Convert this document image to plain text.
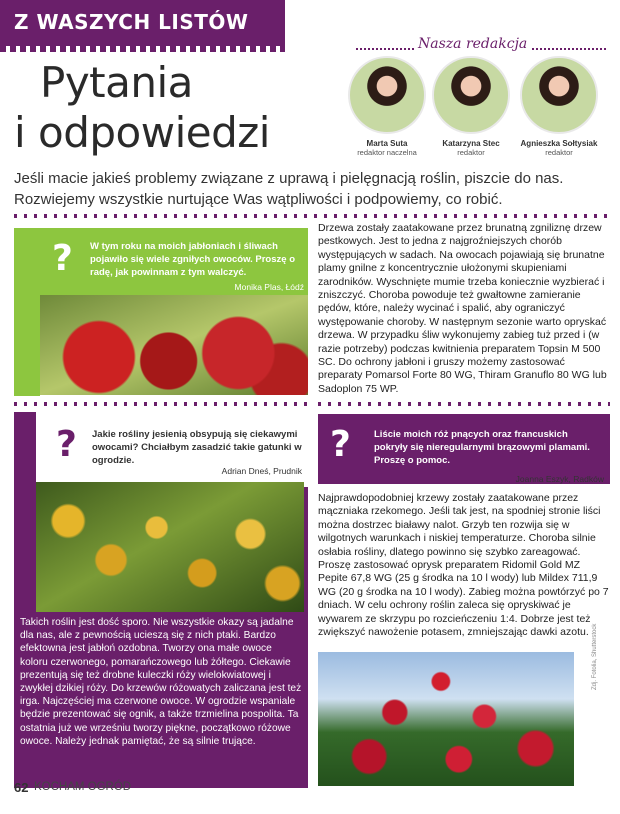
Z WASZYCH LISTÓW
Pytania
i odpowiedzi
Nasza redakcja
Marta Suta
redaktor naczelna
Katarzyna Stec
redaktor
Agnieszka Sołtysiak
redaktor
Jeśli macie jakieś problemy związane z uprawą i pielęgnacją roślin, piszcie do nas. Rozwiejemy wszystkie nurtujące Was wątpliwości i podpowiemy, co robić.
? W tym roku na moich jabłoniach i śliwach pojawiło się wiele zgniłych owoców. Proszę o radę, jak powinnam z tym walczyć.
Monika Plas, Łódź
Drzewa zostały zaatakowane przez brunatną zgniliznę drzew pestkowych. Jest to jedna z najgroźniejszych chorób występujących w sadach. Na owocach pojawiają się brunatne plamy gnilne z koncentrycznie ułożonymi skupieniami zarodników. Wyschnięte mumie trzeba koniecznie wyzbierać i zniszczyć. Choroba powoduje też gwałtowne zamieranie pędów, które, należy wycinać i spalić, aby ograniczyć występowanie choroby. W następnym sezonie warto opryskać drzewa. W przypadku śliw wykonujemy zabieg tuż przed i (w razie potrzeby) podczas kwitnienia preparatem Topsin M 500 SC. Do ochrony jabłoni i gruszy możemy zastosować preparaty Pomarsol Forte 80 WG, Thiram Granuflo 80 WG lub Sadoplon 75 WP.
? Jakie rośliny jesienią obsypują się ciekawymi owocami? Chciałbym zasadzić takie gatunki w ogrodzie.
Adrian Dneś, Prudnik
Takich roślin jest dość sporo. Nie wszystkie okazy są jadalne dla nas, ale z pewnością ucieszą się z nich ptaki. Bardzo efektowna jest jabłoń ozdobna. Tworzy ona małe owoce koloru czerwonego, pomarańczowego lub żółtego. Ciekawie prezentują się też drobne kuleczki róży wielokwiatowej i zwykłej dzikiej róży. Do krzewów różowatych zaliczana jest też irga. Najczęściej ma czerwone owoce. W ogrodzie wspaniale będzie prezentować się ognik, a także trzmielina pospolita. Ta ostatnia już we wrześniu tworzy piękne, początkowo różowe owoce. Należy jednak pamiętać, że są silnie trujące.
? Liście moich róż pnących oraz francuskich pokryły się nieregularnymi brązowymi plamami. Proszę o pomoc.
Joanna Eszyk, Radków
Najprawdopodobniej krzewy zostały zaatakowane przez mączniaka rzekomego. Jeśli tak jest, na spodniej stronie liści można dostrzec białawy nalot. Grzyb ten rozwija się w wilgotnych warunkach i niskiej temperaturze. Choroba silnie osłabia rośliny, dlatego powinno się szybko zareagować. Proszę zastosować oprysk preparatem Ridomil Gold MZ Pepite 67,8 WG (25 g środka na 10 l wody) lub Mildex 711,9 WG (20 g środka na 10 l wody). Zabieg można powtórzyć po 7 dniach. W celu ochrony roślin zaleca się opryskiwać je wywarem ze skrzypu po rozcieńczeniu 1:4. Dobrze jest też zwiększyć nawożenie potasem, zmniejszając dawki azotu. Zdj. Fotolia, Shutterstock
62 KOCHAM OGRÓD
